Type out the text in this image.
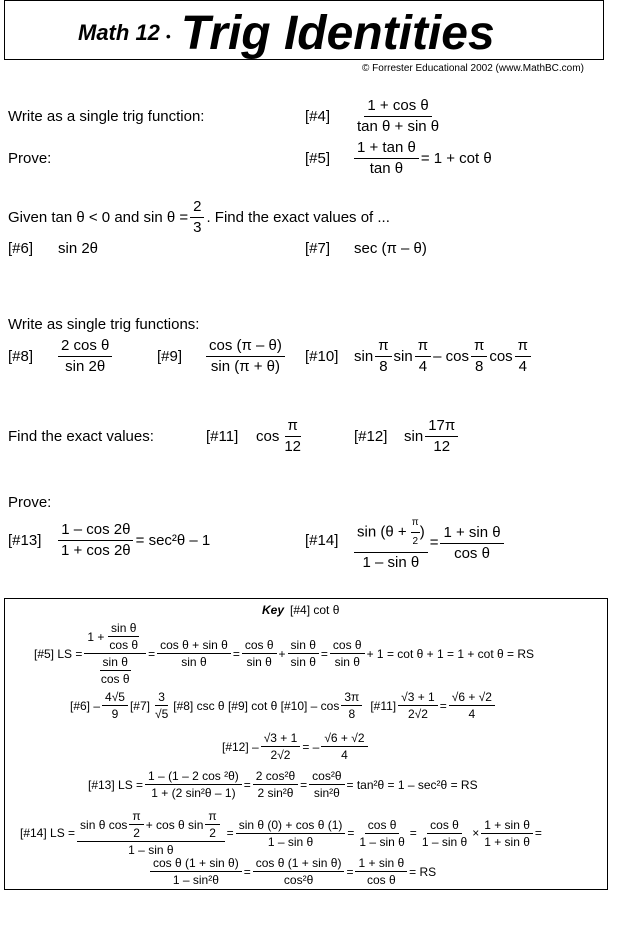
Math 12 • Trig Identities
© Forrester Educational 2002 (www.MathBC.com)
Write as a single trig function:	[#4] $\frac{\text{1 + cos θ}}{\text{tan θ + sin θ}}$
Prove:	[#5] $\frac{\text{1 + tan θ}}{\text{tan θ}} = 1 + \cot \theta$
Given tan θ < 0 and $\sin \theta = \frac{2}{3}$ . Find the exact values of ...
[#6] sin 2θ	[#7] sec (π – θ)
Write as single trig functions:
[#8] $\frac{\text{2 cos θ}}{\sin 2\theta}$	[#9] $\frac{\cos (\pi - \theta)}{\sin (\pi + \theta)}$ [#10] $\sin \frac{\pi}{8}$ $\sin \frac{\pi}{4}$ – $\cos \frac{\pi}{8}$ $\cos \frac{\pi}{4}$
Find the exact values:	[#11] $\cos \frac{\pi}{12}$	[#12] $\sin \frac{17\pi}{12}$
Prove:
[#13] $\frac{1 - \cos 2\theta}{1 + \cos 2\theta} = \sec^2\theta - 1$	[#14] $\frac{\sin (\theta + \frac{\pi}{2} )}{\text{1 – sin θ}} = \frac{\text{1 + sin θ}}{\text{cos θ}}$
Key [#4] cot θ
[#5] LS = $\frac{1 + \frac{\text{sin θ}}{\text{cos θ}}}{\frac{\text{sin θ}}{\text{cos θ}}} = \frac{\text{cos θ + sin θ}}{\text{sin θ}} = \frac{\text{cos θ}}{\text{sin θ}} + \frac{\text{sin θ}}{\text{sin θ}} = \frac{\text{cos θ}}{\text{sin θ}} + 1 = \cot \theta + 1 = 1 + \cot \theta$ = RS
[#6] – $\frac{4√5}{9}$ [#7] $\frac{3}{√5}$ [#8] csc θ [#9] cot θ [#10] – $\cos \frac{3\pi}{8}$ [#11] $\frac{√3 + 1}{2√2} = \frac{√6 + √2}{4}$
[#12] – $\frac{√3 + 1}{2√2}$ = – $\frac{√6 + √2}{4}$
[#13] LS = $\frac{\text{1 – (1 – 2 cos ²θ)}}{\text{1 + (2 sin²θ – 1)}} = \frac{\text{2 cos²θ}}{\text{2 sin²θ}} = \frac{\text{cos²θ}}{\text{sin²θ}} = \tan^2\theta = 1 - \sec^2\theta$ = RS
[#14] LS = $\frac{\sin \theta \cos \frac{\pi}{2} + \cos \theta \sin \frac{\pi}{2}}{\text{1 – sin θ}} = \frac{\text{sin θ (0) + cos θ (1)}}{\text{1 – sin θ}} = \frac{\text{cos θ}}{\text{1 – sin θ}} = \frac{\text{cos θ}}{\text{1 – sin θ}} \times \frac{\text{1 + sin θ}}{\text{1 + sin θ}}$ =
$\frac{\text{cos θ (1 + sin θ)}}{\text{1 – sin²θ}} = \frac{\text{cos θ (1 + sin θ)}}{\text{cos²θ}} = \frac{\text{1 + sin θ}}{\text{cos θ}}$ = RS
